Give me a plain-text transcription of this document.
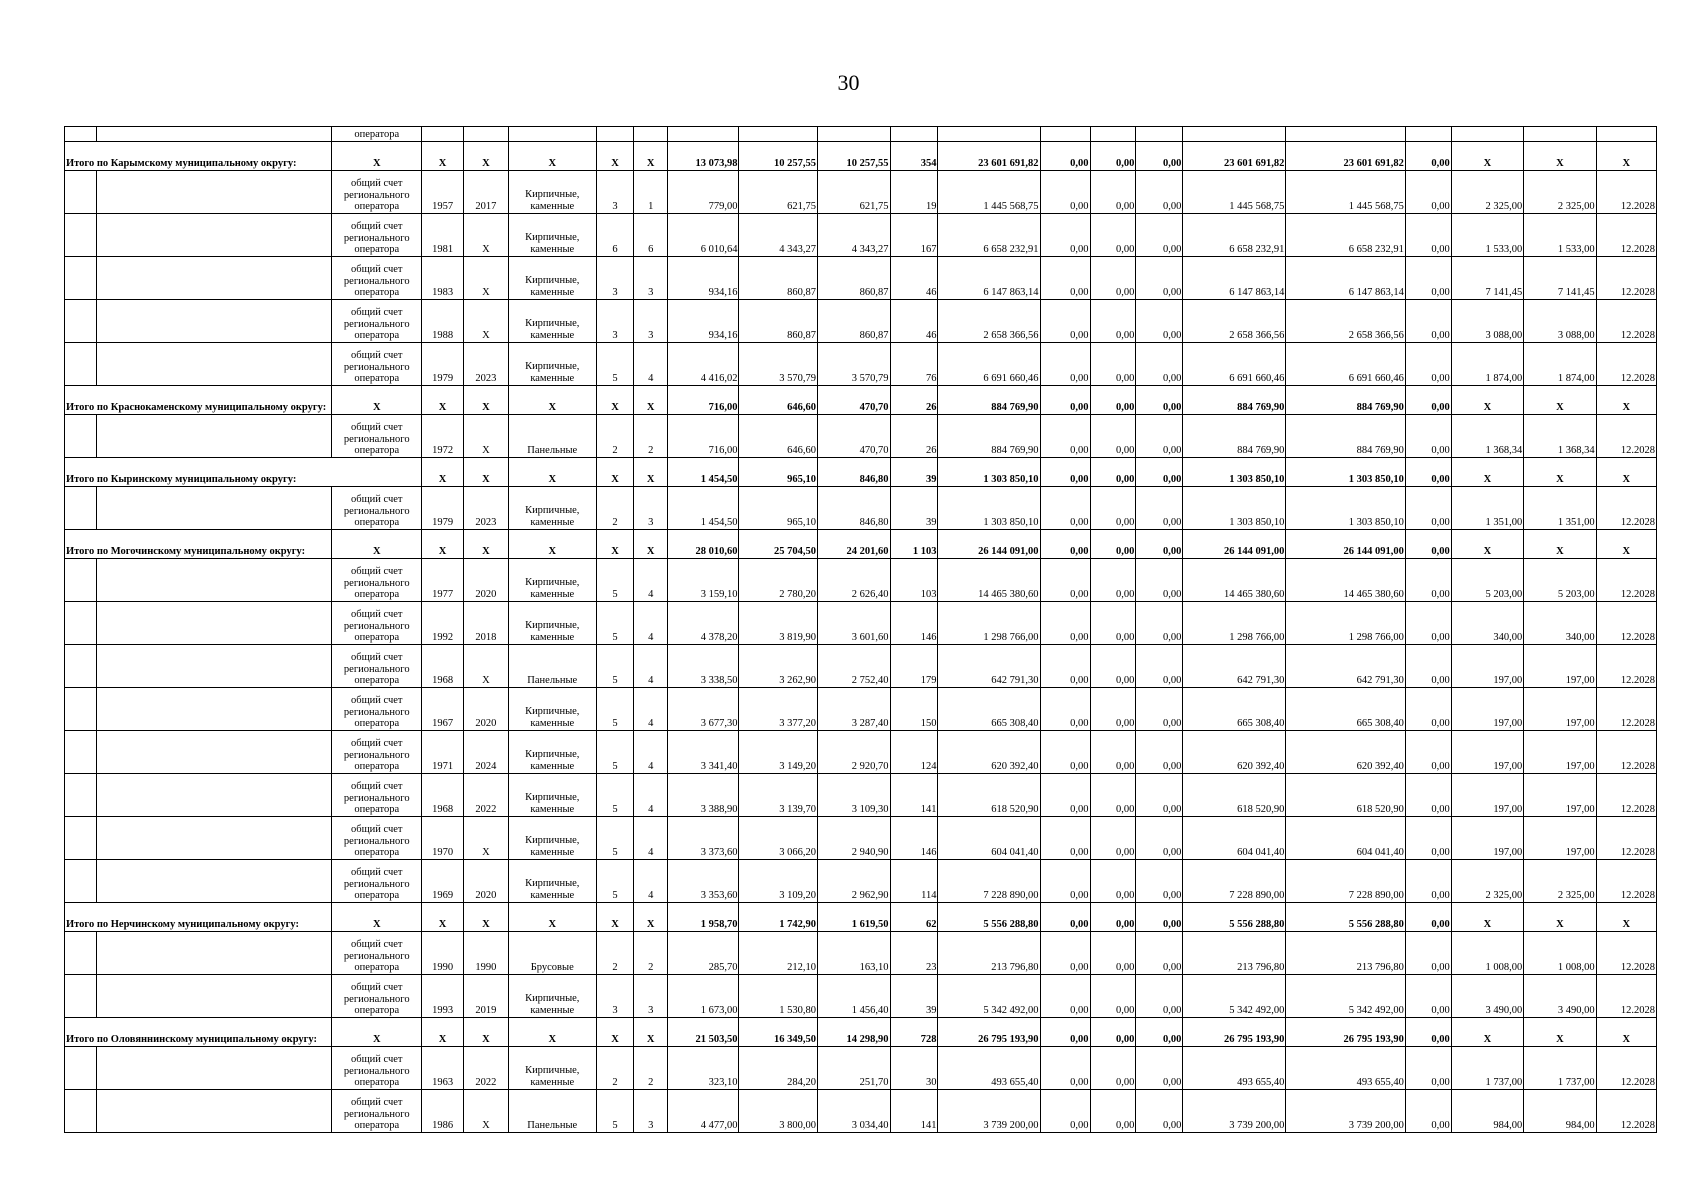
30
		оператора																			
Итого по Карымскому муниципальному округу:		X	X	X	X	X	X	13 073,98	10 257,55	10 257,55	354	23 601 691,82	0,00	0,00	0,00	23 601 691,82	23 601 691,82	0,00	X	X	X

		общий счет
регионального
оператора	1957	2017	Кирпичные, каменные	3	1	779,00	621,75	621,75	19	1 445 568,75	0,00	0,00	0,00	1 445 568,75	1 445 568,75	0,00	2 325,00	2 325,00	12.2028

		общий счет
регионального
оператора	1981	X	Кирпичные, каменные	6	6	6 010,64	4 343,27	4 343,27	167	6 658 232,91	0,00	0,00	0,00	6 658 232,91	6 658 232,91	0,00	1 533,00	1 533,00	12.2028

		общий счет
регионального
оператора	1983	X	Кирпичные, каменные	3	3	934,16	860,87	860,87	46	6 147 863,14	0,00	0,00	0,00	6 147 863,14	6 147 863,14	0,00	7 141,45	7 141,45	12.2028

		общий счет
регионального
оператора	1988	X	Кирпичные, каменные	3	3	934,16	860,87	860,87	46	2 658 366,56	0,00	0,00	0,00	2 658 366,56	2 658 366,56	0,00	3 088,00	3 088,00	12.2028

		общий счет
регионального
оператора	1979	2023	Кирпичные, каменные	5	4	4 416,02	3 570,79	3 570,79	76	6 691 660,46	0,00	0,00	0,00	6 691 660,46	6 691 660,46	0,00	1 874,00	1 874,00	12.2028
Итого по Краснокаменскому муниципальному округу:		X	X	X	X	X	X	716,00	646,60	470,70	26	884 769,90	0,00	0,00	0,00	884 769,90	884 769,90	0,00	X	X	X

		общий счет
регионального
оператора	1972	X	Панельные	2	2	716,00	646,60	470,70	26	884 769,90	0,00	0,00	0,00	884 769,90	884 769,90	0,00	1 368,34	1 368,34	12.2028
Итого по Кыринскому муниципальному округу:			X	X	X	X	X	1 454,50	965,10	846,80	39	1 303 850,10	0,00	0,00	0,00	1 303 850,10	1 303 850,10	0,00	X	X	X

		общий счет
регионального
оператора	1979	2023	Кирпичные, каменные	2	3	1 454,50	965,10	846,80	39	1 303 850,10	0,00	0,00	0,00	1 303 850,10	1 303 850,10	0,00	1 351,00	1 351,00	12.2028
Итого по Могочинскому муниципальному округу:		X	X	X	X	X	X	28 010,60	25 704,50	24 201,60	1 103	26 144 091,00	0,00	0,00	0,00	26 144 091,00	26 144 091,00	0,00	X	X	X

		общий счет
регионального
оператора	1977	2020	Кирпичные, каменные	5	4	3 159,10	2 780,20	2 626,40	103	14 465 380,60	0,00	0,00	0,00	14 465 380,60	14 465 380,60	0,00	5 203,00	5 203,00	12.2028

		общий счет
регионального
оператора	1992	2018	Кирпичные, каменные	5	4	4 378,20	3 819,90	3 601,60	146	1 298 766,00	0,00	0,00	0,00	1 298 766,00	1 298 766,00	0,00	340,00	340,00	12.2028

		общий счет
регионального
оператора	1968	X	Панельные	5	4	3 338,50	3 262,90	2 752,40	179	642 791,30	0,00	0,00	0,00	642 791,30	642 791,30	0,00	197,00	197,00	12.2028

		общий счет
регионального
оператора	1967	2020	Кирпичные, каменные	5	4	3 677,30	3 377,20	3 287,40	150	665 308,40	0,00	0,00	0,00	665 308,40	665 308,40	0,00	197,00	197,00	12.2028

		общий счет
регионального
оператора	1971	2024	Кирпичные, каменные	5	4	3 341,40	3 149,20	2 920,70	124	620 392,40	0,00	0,00	0,00	620 392,40	620 392,40	0,00	197,00	197,00	12.2028

		общий счет
регионального
оператора	1968	2022	Кирпичные, каменные	5	4	3 388,90	3 139,70	3 109,30	141	618 520,90	0,00	0,00	0,00	618 520,90	618 520,90	0,00	197,00	197,00	12.2028

		общий счет
регионального
оператора	1970	X	Кирпичные, каменные	5	4	3 373,60	3 066,20	2 940,90	146	604 041,40	0,00	0,00	0,00	604 041,40	604 041,40	0,00	197,00	197,00	12.2028

		общий счет
регионального
оператора	1969	2020	Кирпичные, каменные	5	4	3 353,60	3 109,20	2 962,90	114	7 228 890,00	0,00	0,00	0,00	7 228 890,00	7 228 890,00	0,00	2 325,00	2 325,00	12.2028
Итого по Нерчинскому муниципальному округу:		X	X	X	X	X	X	1 958,70	1 742,90	1 619,50	62	5 556 288,80	0,00	0,00	0,00	5 556 288,80	5 556 288,80	0,00	X	X	X

		общий счет
регионального
оператора	1990	1990	Брусовые	2	2	285,70	212,10	163,10	23	213 796,80	0,00	0,00	0,00	213 796,80	213 796,80	0,00	1 008,00	1 008,00	12.2028

		общий счет
регионального
оператора	1993	2019	Кирпичные, каменные	3	3	1 673,00	1 530,80	1 456,40	39	5 342 492,00	0,00	0,00	0,00	5 342 492,00	5 342 492,00	0,00	3 490,00	3 490,00	12.2028
Итого по Оловяннинскому муниципальному округу:		X	X	X	X	X	X	21 503,50	16 349,50	14 298,90	728	26 795 193,90	0,00	0,00	0,00	26 795 193,90	26 795 193,90	0,00	X	X	X

		общий счет
регионального
оператора	1963	2022	Кирпичные, каменные	2	2	323,10	284,20	251,70	30	493 655,40	0,00	0,00	0,00	493 655,40	493 655,40	0,00	1 737,00	1 737,00	12.2028

		общий счет
регионального
оператора	1986	X	Панельные	5	3	4 477,00	3 800,00	3 034,40	141	3 739 200,00	0,00	0,00	0,00	3 739 200,00	3 739 200,00	0,00	984,00	984,00	12.2028
